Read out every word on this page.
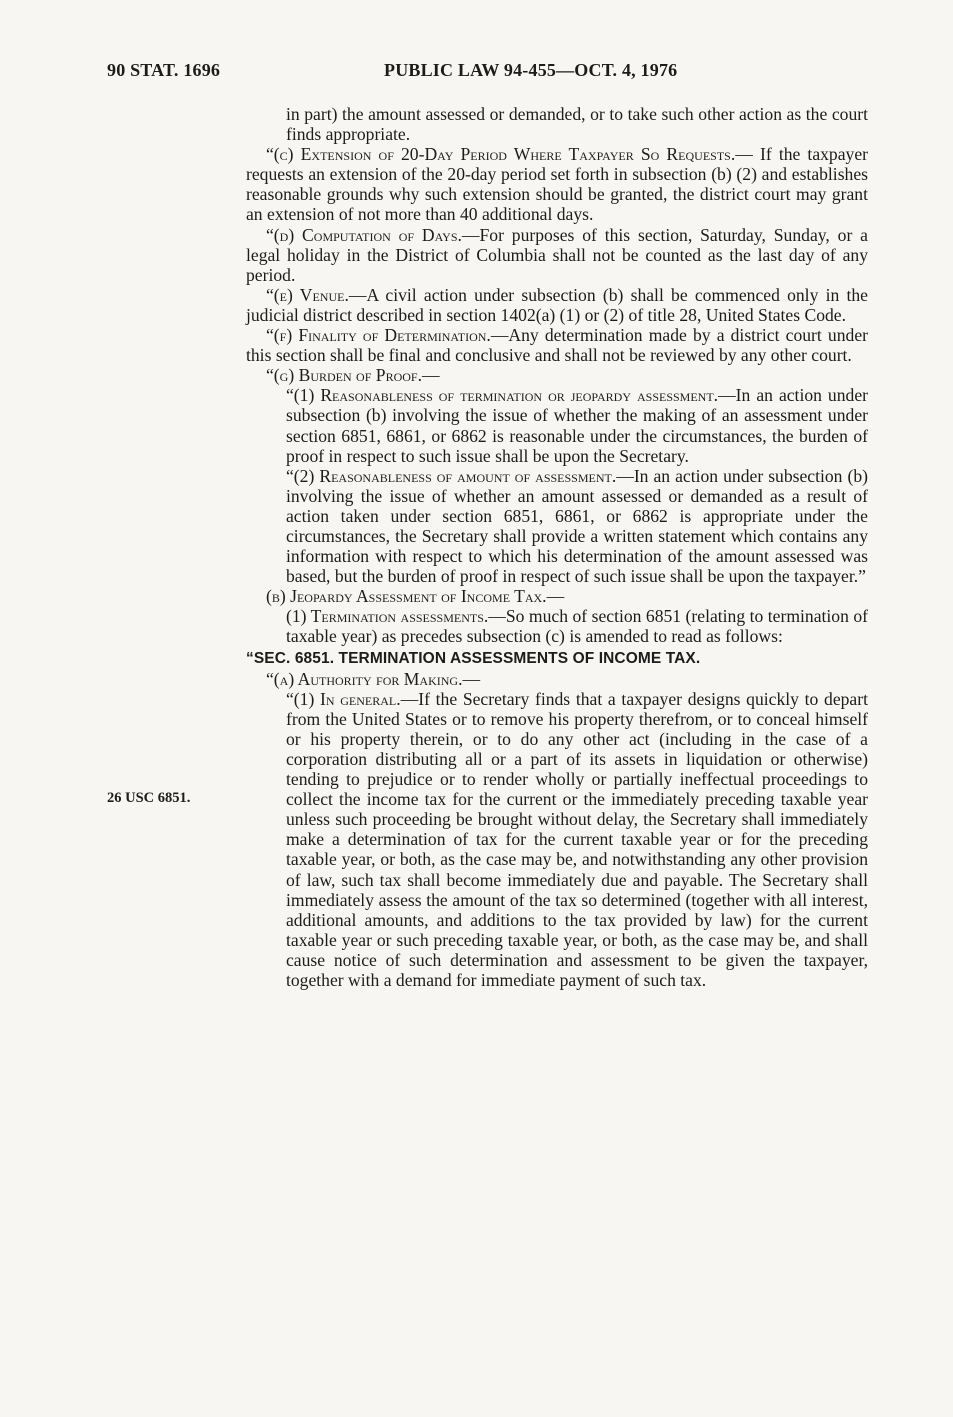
90 STAT. 1696	PUBLIC LAW 94-455—OCT. 4, 1976
26 USC 6851.

in part) the amount assessed or demanded, or to take such other action as the court finds appropriate.

“(c) Extension of 20-Day Period Where Taxpayer So Requests.— If the taxpayer requests an extension of the 20-day period set forth in subsection (b) (2) and establishes reasonable grounds why such extension should be granted, the district court may grant an extension of not more than 40 additional days.

“(d) Computation of Days.—For purposes of this section, Saturday, Sunday, or a legal holiday in the District of Columbia shall not be counted as the last day of any period.

“(e) Venue.—A civil action under subsection (b) shall be commenced only in the judicial district described in section 1402(a) (1) or (2) of title 28, United States Code.

“(f) Finality of Determination.—Any determination made by a district court under this section shall be final and conclusive and shall not be reviewed by any other court.

“(g) Burden of Proof.—

“(1) Reasonableness of termination or jeopardy assessment.—In an action under subsection (b) involving the issue of whether the making of an assessment under section 6851, 6861, or 6862 is reasonable under the circumstances, the burden of proof in respect to such issue shall be upon the Secretary.

“(2) Reasonableness of amount of assessment.—In an action under subsection (b) involving the issue of whether an amount assessed or demanded as a result of action taken under section 6851, 6861, or 6862 is appropriate under the circumstances, the Secretary shall provide a written statement which contains any information with respect to which his determination of the amount assessed was based, but the burden of proof in respect of such issue shall be upon the taxpayer.”

(b) Jeopardy Assessment of Income Tax.—

(1) Termination assessments.—So much of section 6851 (relating to termination of taxable year) as precedes subsection (c) is amended to read as follows:

“SEC. 6851. TERMINATION ASSESSMENTS OF INCOME TAX.

“(a) Authority for Making.—

“(1) In general.—If the Secretary finds that a taxpayer designs quickly to depart from the United States or to remove his property therefrom, or to conceal himself or his property therein, or to do any other act (including in the case of a corporation distributing all or a part of its assets in liquidation or otherwise) tending to prejudice or to render wholly or partially ineffectual proceedings to collect the income tax for the current or the immediately preceding taxable year unless such proceeding be brought without delay, the Secretary shall immediately make a determination of tax for the current taxable year or for the preceding taxable year, or both, as the case may be, and notwithstanding any other provision of law, such tax shall become immediately due and payable. The Secretary shall immediately assess the amount of the tax so determined (together with all interest, additional amounts, and additions to the tax provided by law) for the current taxable year or such preceding taxable year, or both, as the case may be, and shall cause notice of such determination and assessment to be given the taxpayer, together with a demand for immediate payment of such tax.
